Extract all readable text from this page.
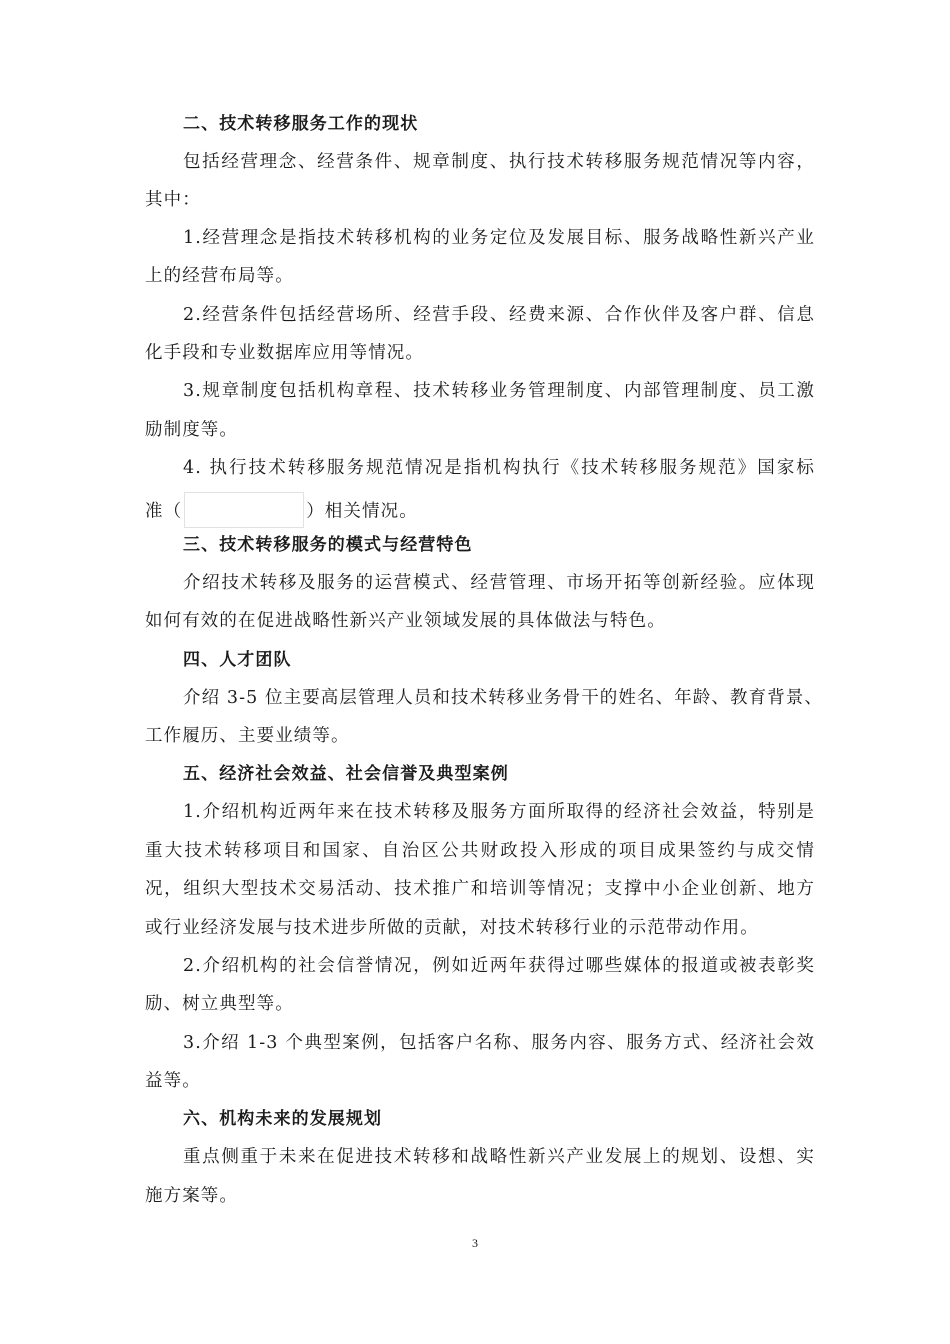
二、技术转移服务工作的现状
包括经营理念、经营条件、规章制度、执行技术转移服务规范情况等内容，
其中：
1.经营理念是指技术转移机构的业务定位及发展目标、服务战略性新兴产业
上的经营布局等。
2.经营条件包括经营场所、经营手段、经费来源、合作伙伴及客户群、信息
化手段和专业数据库应用等情况。
3.规章制度包括机构章程、技术转移业务管理制度、内部管理制度、员工激
励制度等。
4. 执行技术转移服务规范情况是指机构执行《技术转移服务规范》国家标
准（	）相关情况。
三、技术转移服务的模式与经营特色
介绍技术转移及服务的运营模式、经营管理、市场开拓等创新经验。应体现
如何有效的在促进战略性新兴产业领域发展的具体做法与特色。
四、人才团队
介绍 3-5 位主要高层管理人员和技术转移业务骨干的姓名、年龄、教育背景、
工作履历、主要业绩等。
五、经济社会效益、社会信誉及典型案例
1.介绍机构近两年来在技术转移及服务方面所取得的经济社会效益，特别是
重大技术转移项目和国家、自治区公共财政投入形成的项目成果签约与成交情
况，组织大型技术交易活动、技术推广和培训等情况；支撑中小企业创新、地方
或行业经济发展与技术进步所做的贡献，对技术转移行业的示范带动作用。
2.介绍机构的社会信誉情况，例如近两年获得过哪些媒体的报道或被表彰奖
励、树立典型等。
3.介绍 1-3 个典型案例，包括客户名称、服务内容、服务方式、经济社会效
益等。
六、机构未来的发展规划
重点侧重于未来在促进技术转移和战略性新兴产业发展上的规划、设想、实
施方案等。
3
